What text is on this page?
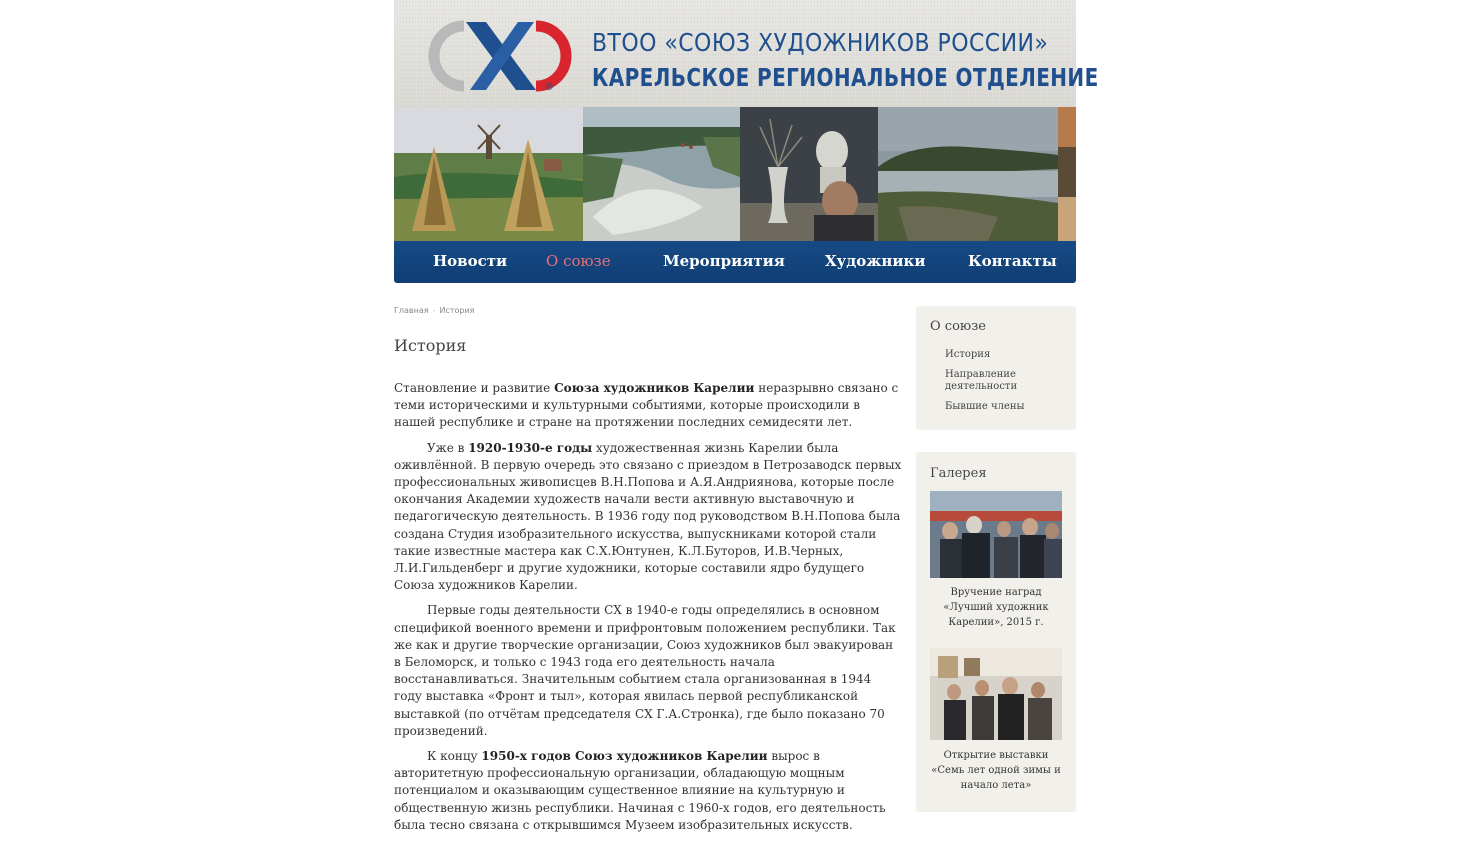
®
ВТОО «СОЮЗ ХУДОЖНИКОВ РОССИИ»
КАРЕЛЬСКОЕ РЕГИОНАЛЬНОЕ ОТДЕЛЕНИЕ
Новости	О союзе	Мероприятия	Художники	Контакты
Главная - История
История

Становление и развитие Союза художников Карелии неразрывно связано с теми историческими и культурными событиями, которые происходили в нашей республике и стране на протяжении последних семидесяти лет.

Уже в 1920-1930-е годы художественная жизнь Карелии была оживлённой. В первую очередь это связано с приездом в Петрозаводск первых профессиональных живописцев В.Н.Попова и А.Я.Андриянова, которые после окончания Академии художеств начали вести активную выставочную и педагогическую деятельность. В 1936 году под руководством В.Н.Попова была создана Студия изобразительного искусства, выпускниками которой стали такие известные мастера как С.Х.Юнтунен, К.Л.Буторов, И.В.Черных, Л.И.Гильденберг и другие художники, которые составили ядро будущего Союза художников Карелии.

Первые годы деятельности СХ в 1940-е годы определялись в основном спецификой военного времени и прифронтовым положением республики. Так же как и другие творческие организации, Союз художников был эвакуирован в Беломорск, и только с 1943 года его деятельность начала восстанавливаться. Значительным событием стала организованная в 1944 году выставка «Фронт и тыл», которая явилась первой республиканской выставкой (по отчётам председателя СХ Г.А.Стронка), где было показано 70 произведений.

К концу 1950-х годов Союз художников Карелии вырос в авторитетную профессиональную организации, обладающую мощным потенциалом и оказывающим существенное влияние на культурную и общественную жизнь республики. Начиная с 1960-х годов, его деятельность была тесно связана с открывшимся Музеем изобразительных искусств.

О союзе
История
Направление деятельности
Бывшие члены
Галерея
Вручение наград «Лучший художник Карелии», 2015 г.
Открытие выставки «Семь лет одной зимы и начало лета»
